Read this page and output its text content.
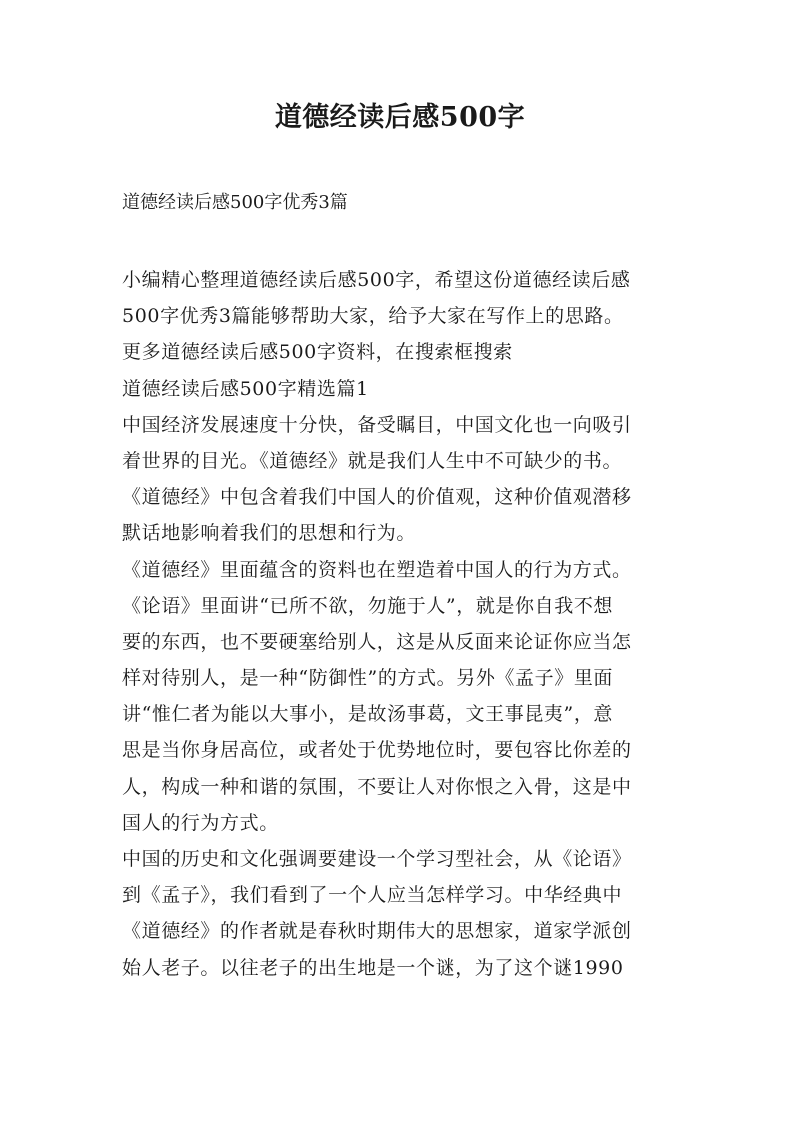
道德经读后感500字
道德经读后感500字优秀3篇
小编精心整理道德经读后感500字，希望这份道德经读后感
500字优秀3篇能够帮助大家，给予大家在写作上的思路。
更多道德经读后感500字资料，在搜索框搜索
道德经读后感500字精选篇1
中国经济发展速度十分快，备受瞩目，中国文化也一向吸引
着世界的目光。《道德经》就是我们人生中不可缺少的书。
《道德经》中包含着我们中国人的价值观，这种价值观潜移
默话地影响着我们的思想和行为。
《道德经》里面蕴含的资料也在塑造着中国人的行为方式。
《论语》里面讲“已所不欲，勿施于人”，就是你自我不想
要的东西，也不要硬塞给别人，这是从反面来论证你应当怎
样对待别人，是一种“防御性”的方式。另外《孟子》里面
讲“惟仁者为能以大事小，是故汤事葛，文王事昆夷”，意
思是当你身居高位，或者处于优势地位时，要包容比你差的
人，构成一种和谐的氛围，不要让人对你恨之入骨，这是中
国人的行为方式。
中国的历史和文化强调要建设一个学习型社会，从《论语》
到《孟子》，我们看到了一个人应当怎样学习。中华经典中
《道德经》的作者就是春秋时期伟大的思想家，道家学派创
始人老子。以往老子的出生地是一个谜，为了这个谜1990
